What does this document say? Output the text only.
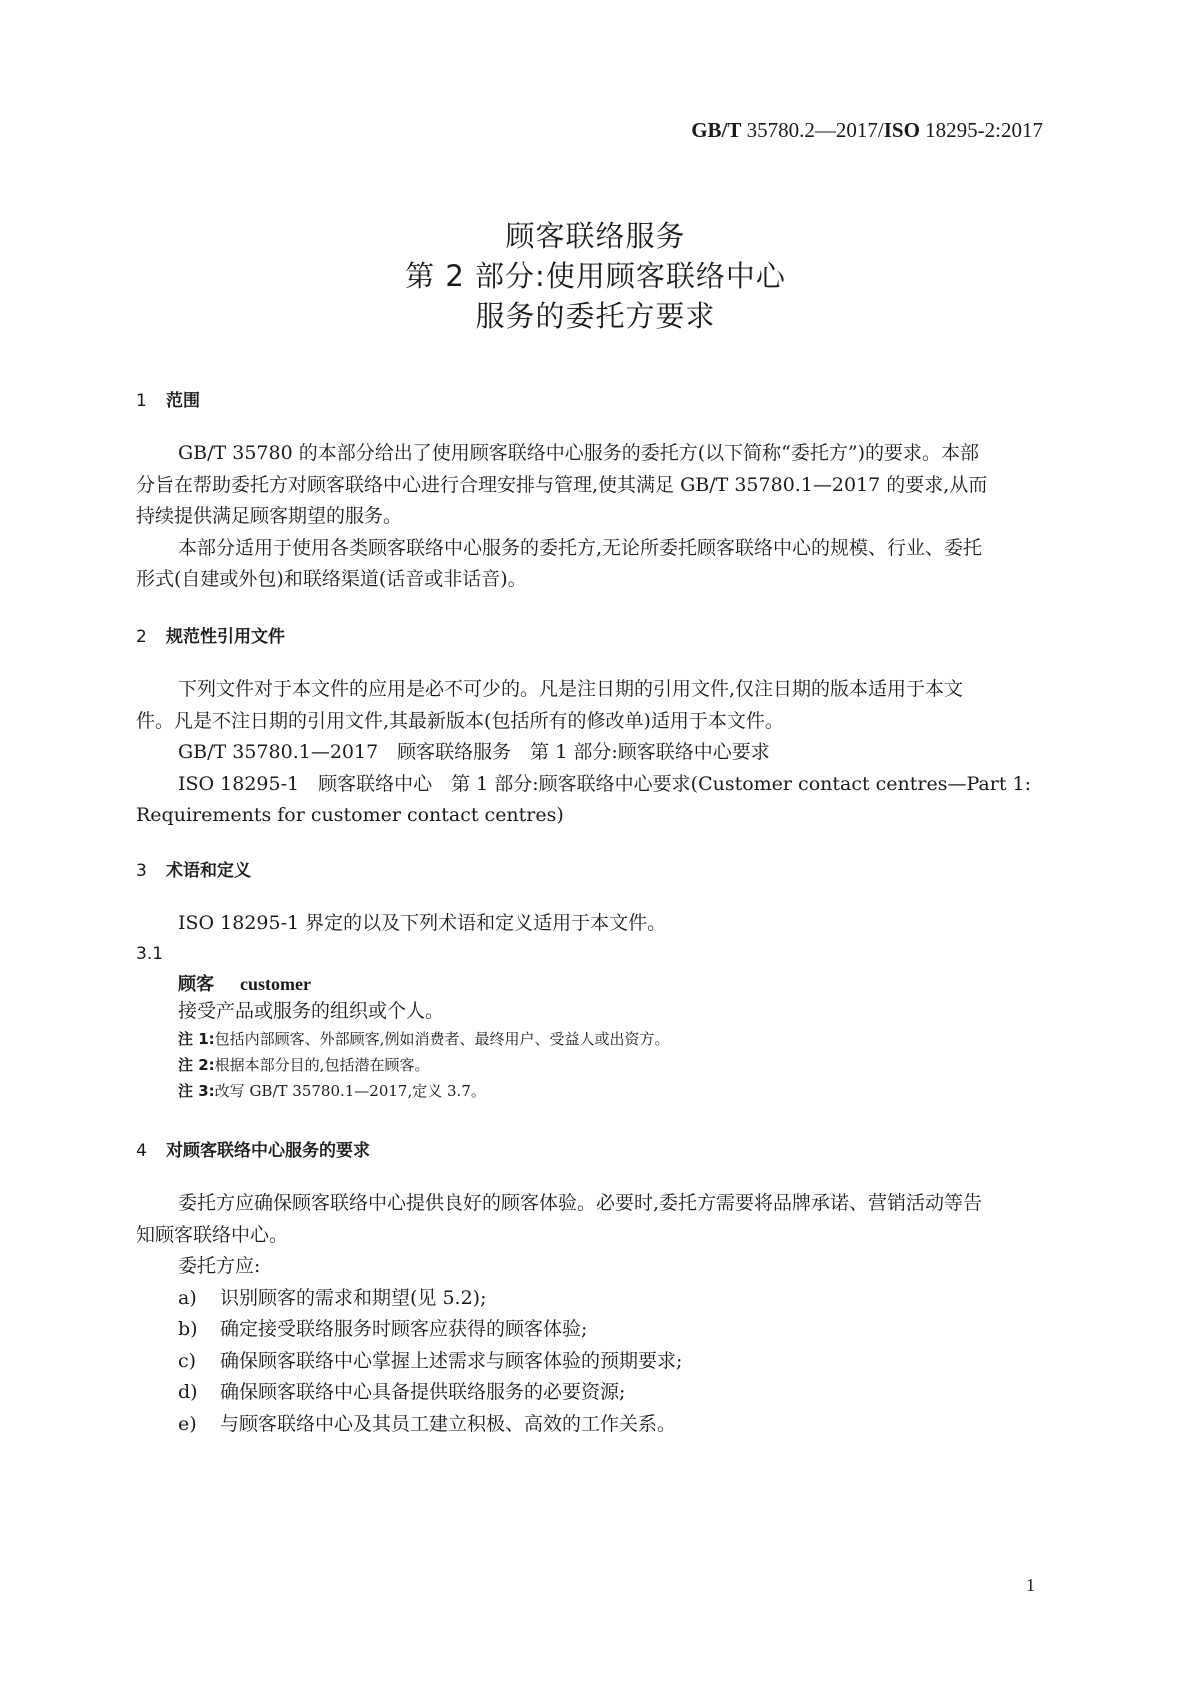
GB/T 35780.2—2017/ISO 18295-2:2017
顾客联络服务
第 2 部分:使用顾客联络中心
服务的委托方要求
1 范围
GB/T 35780 的本部分给出了使用顾客联络中心服务的委托方(以下简称“委托方”)的要求。本部
分旨在帮助委托方对顾客联络中心进行合理安排与管理,使其满足 GB/T 35780.1—2017 的要求,从而
持续提供满足顾客期望的服务。
本部分适用于使用各类顾客联络中心服务的委托方,无论所委托顾客联络中心的规模、行业、委托
形式(自建或外包)和联络渠道(话音或非话音)。
2 规范性引用文件
下列文件对于本文件的应用是必不可少的。凡是注日期的引用文件,仅注日期的版本适用于本文
件。凡是不注日期的引用文件,其最新版本(包括所有的修改单)适用于本文件。
GB/T 35780.1—2017　顾客联络服务　第 1 部分:顾客联络中心要求
ISO 18295-1　顾客联络中心　第 1 部分:顾客联络中心要求(Customer contact centres—Part 1:
Requirements for customer contact centres)
3 术语和定义
ISO 18295-1 界定的以及下列术语和定义适用于本文件。
3.1
顾客 customer
接受产品或服务的组织或个人。
注 1:包括内部顾客、外部顾客,例如消费者、最终用户、受益人或出资方。
注 2:根据本部分目的,包括潜在顾客。
注 3:改写 GB/T 35780.1—2017,定义 3.7。
4 对顾客联络中心服务的要求
委托方应确保顾客联络中心提供良好的顾客体验。必要时,委托方需要将品牌承诺、营销活动等告
知顾客联络中心。
委托方应:
a) 识别顾客的需求和期望(见 5.2);
b) 确定接受联络服务时顾客应获得的顾客体验;
c) 确保顾客联络中心掌握上述需求与顾客体验的预期要求;
d) 确保顾客联络中心具备提供联络服务的必要资源;
e) 与顾客联络中心及其员工建立积极、高效的工作关系。
1
